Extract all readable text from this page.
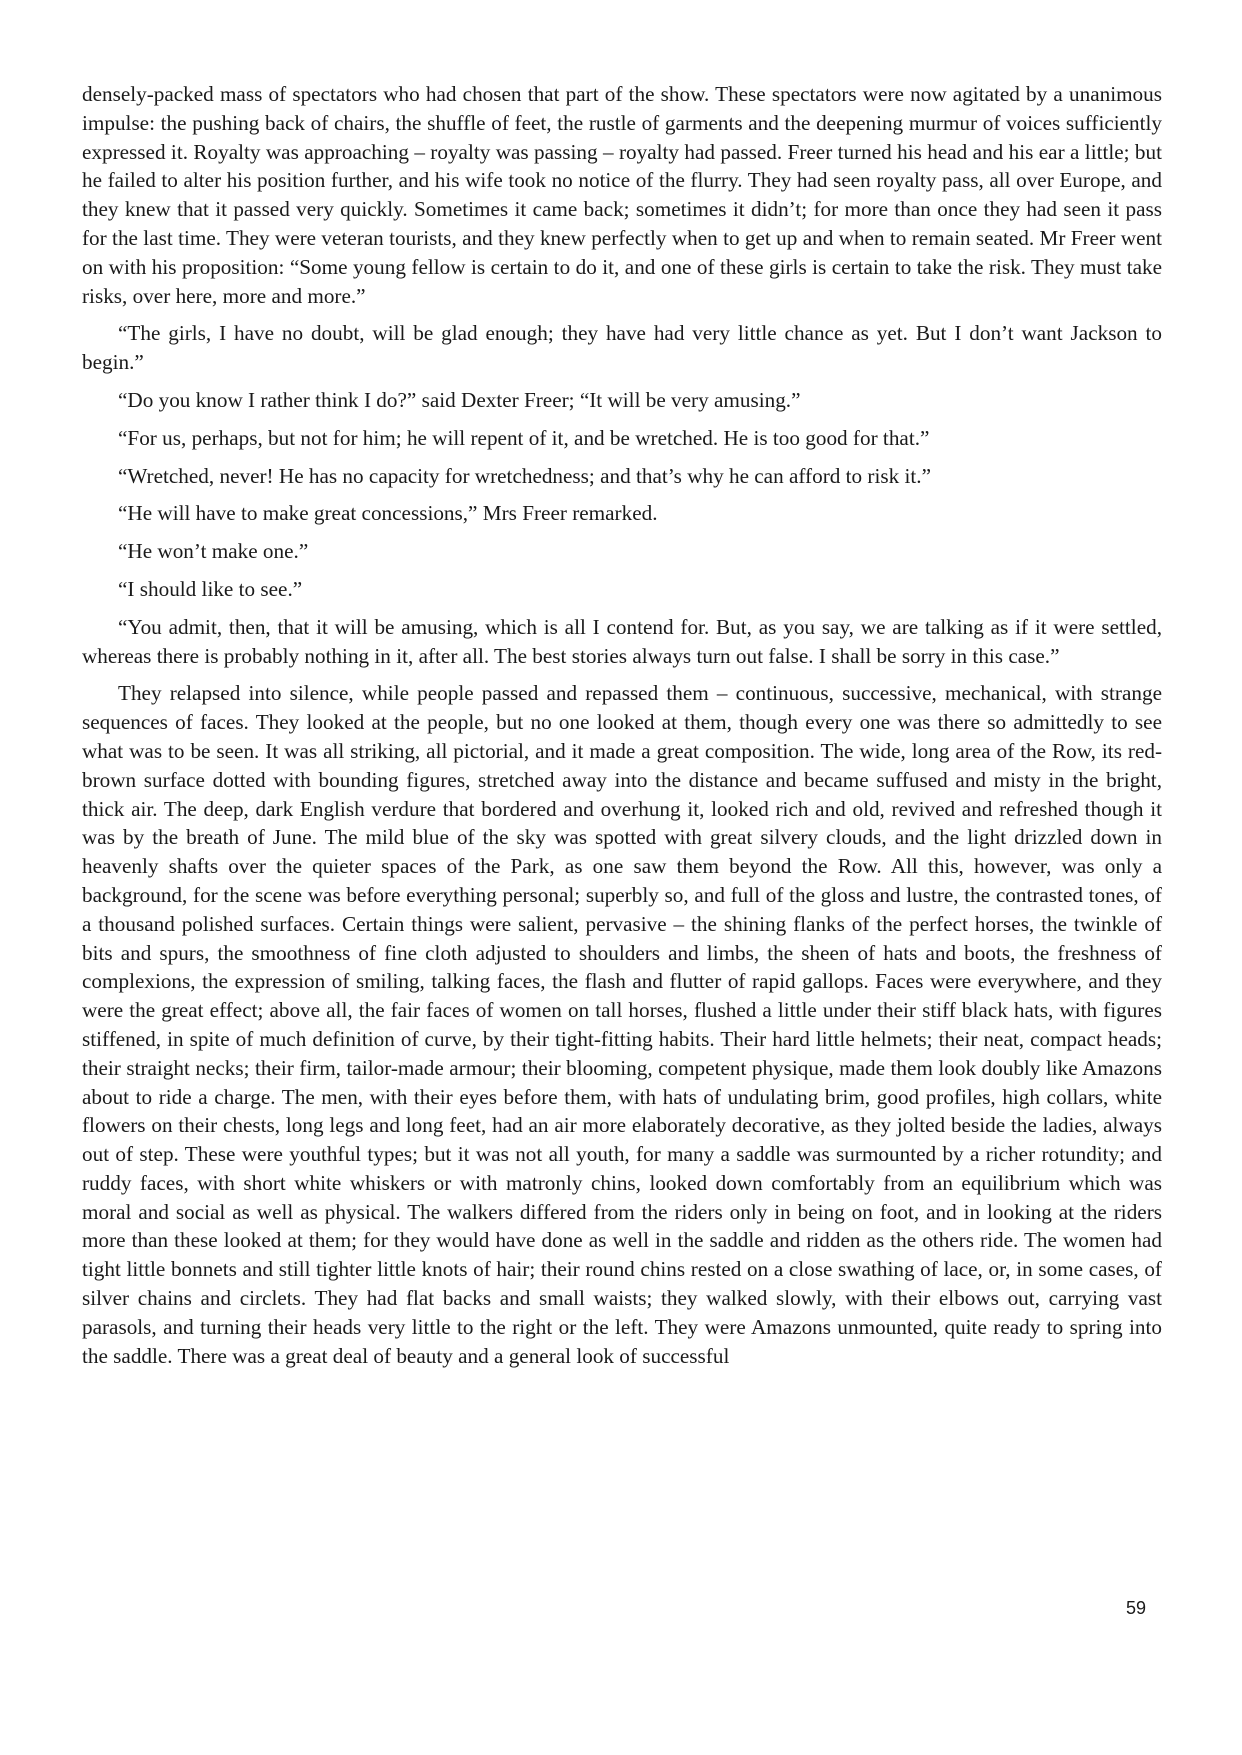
densely-packed mass of spectators who had chosen that part of the show. These spectators were now agitated by a unanimous impulse: the pushing back of chairs, the shuffle of feet, the rustle of garments and the deepening murmur of voices sufficiently expressed it. Royalty was approaching – royalty was passing – royalty had passed. Freer turned his head and his ear a little; but he failed to alter his position further, and his wife took no notice of the flurry. They had seen royalty pass, all over Europe, and they knew that it passed very quickly. Sometimes it came back; sometimes it didn’t; for more than once they had seen it pass for the last time. They were veteran tourists, and they knew perfectly when to get up and when to remain seated. Mr Freer went on with his proposition: “Some young fellow is certain to do it, and one of these girls is certain to take the risk. They must take risks, over here, more and more.”

“The girls, I have no doubt, will be glad enough; they have had very little chance as yet. But I don’t want Jackson to begin.”

“Do you know I rather think I do?” said Dexter Freer; “It will be very amusing.”

“For us, perhaps, but not for him; he will repent of it, and be wretched. He is too good for that.”

“Wretched, never! He has no capacity for wretchedness; and that’s why he can afford to risk it.”

“He will have to make great concessions,” Mrs Freer remarked.

“He won’t make one.”

“I should like to see.”

“You admit, then, that it will be amusing, which is all I contend for. But, as you say, we are talking as if it were settled, whereas there is probably nothing in it, after all. The best stories always turn out false. I shall be sorry in this case.”

They relapsed into silence, while people passed and repassed them – continuous, successive, mechanical, with strange sequences of faces. They looked at the people, but no one looked at them, though every one was there so admittedly to see what was to be seen. It was all striking, all pictorial, and it made a great composition. The wide, long area of the Row, its red-brown surface dotted with bounding figures, stretched away into the distance and became suffused and misty in the bright, thick air. The deep, dark English verdure that bordered and overhung it, looked rich and old, revived and refreshed though it was by the breath of June. The mild blue of the sky was spotted with great silvery clouds, and the light drizzled down in heavenly shafts over the quieter spaces of the Park, as one saw them beyond the Row. All this, however, was only a background, for the scene was before everything personal; superbly so, and full of the gloss and lustre, the contrasted tones, of a thousand polished surfaces. Certain things were salient, pervasive – the shining flanks of the perfect horses, the twinkle of bits and spurs, the smoothness of fine cloth adjusted to shoulders and limbs, the sheen of hats and boots, the freshness of complexions, the expression of smiling, talking faces, the flash and flutter of rapid gallops. Faces were everywhere, and they were the great effect; above all, the fair faces of women on tall horses, flushed a little under their stiff black hats, with figures stiffened, in spite of much definition of curve, by their tight-fitting habits. Their hard little helmets; their neat, compact heads; their straight necks; their firm, tailor-made armour; their blooming, competent physique, made them look doubly like Amazons about to ride a charge. The men, with their eyes before them, with hats of undulating brim, good profiles, high collars, white flowers on their chests, long legs and long feet, had an air more elaborately decorative, as they jolted beside the ladies, always out of step. These were youthful types; but it was not all youth, for many a saddle was surmounted by a richer rotundity; and ruddy faces, with short white whiskers or with matronly chins, looked down comfortably from an equilibrium which was moral and social as well as physical. The walkers differed from the riders only in being on foot, and in looking at the riders more than these looked at them; for they would have done as well in the saddle and ridden as the others ride. The women had tight little bonnets and still tighter little knots of hair; their round chins rested on a close swathing of lace, or, in some cases, of silver chains and circlets. They had flat backs and small waists; they walked slowly, with their elbows out, carrying vast parasols, and turning their heads very little to the right or the left. They were Amazons unmounted, quite ready to spring into the saddle. There was a great deal of beauty and a general look of successful

59
